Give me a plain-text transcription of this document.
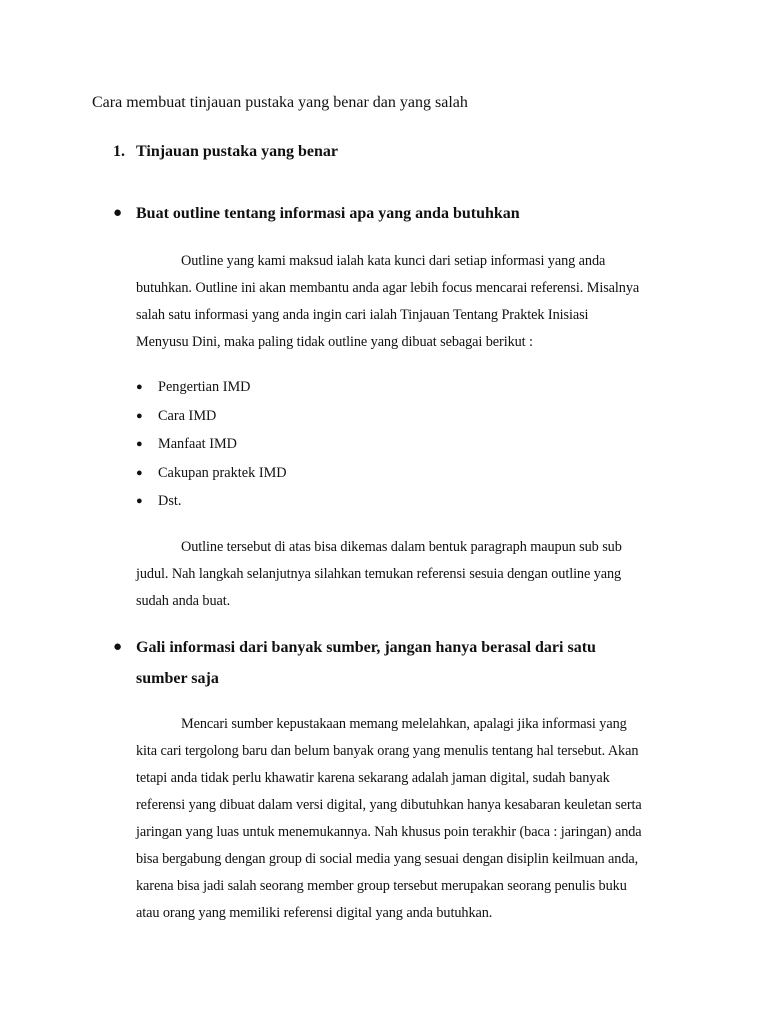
Cara membuat tinjauan pustaka yang benar dan yang salah
1. Tinjauan pustaka yang benar
● Buat outline tentang informasi apa yang anda butuhkan
Outline yang kami maksud ialah kata kunci dari setiap informasi yang anda
butuhkan. Outline ini akan membantu anda agar lebih focus mencarai referensi. Misalnya
salah satu informasi yang anda ingin cari ialah Tinjauan Tentang Praktek Inisiasi
Menyusu Dini, maka paling tidak outline yang dibuat sebagai berikut :
● Pengertian IMD
● Cara IMD
● Manfaat IMD
● Cakupan praktek IMD
● Dst.
Outline tersebut di atas bisa dikemas dalam bentuk paragraph maupun sub sub
judul. Nah langkah selanjutnya silahkan temukan referensi sesuia dengan outline yang
sudah anda buat.
● Gali informasi dari banyak sumber, jangan hanya berasal dari satu
sumber saja
Mencari sumber kepustakaan memang melelahkan, apalagi jika informasi yang
kita cari tergolong baru dan belum banyak orang yang menulis tentang hal tersebut. Akan
tetapi anda tidak perlu khawatir karena sekarang adalah jaman digital, sudah banyak
referensi yang dibuat dalam versi digital, yang dibutuhkan hanya kesabaran keuletan serta
jaringan yang luas untuk menemukannya. Nah khusus poin terakhir (baca : jaringan) anda
bisa bergabung dengan group di social media yang sesuai dengan disiplin keilmuan anda,
karena bisa jadi salah seorang member group tersebut merupakan seorang penulis buku
atau orang yang memiliki referensi digital yang anda butuhkan.
